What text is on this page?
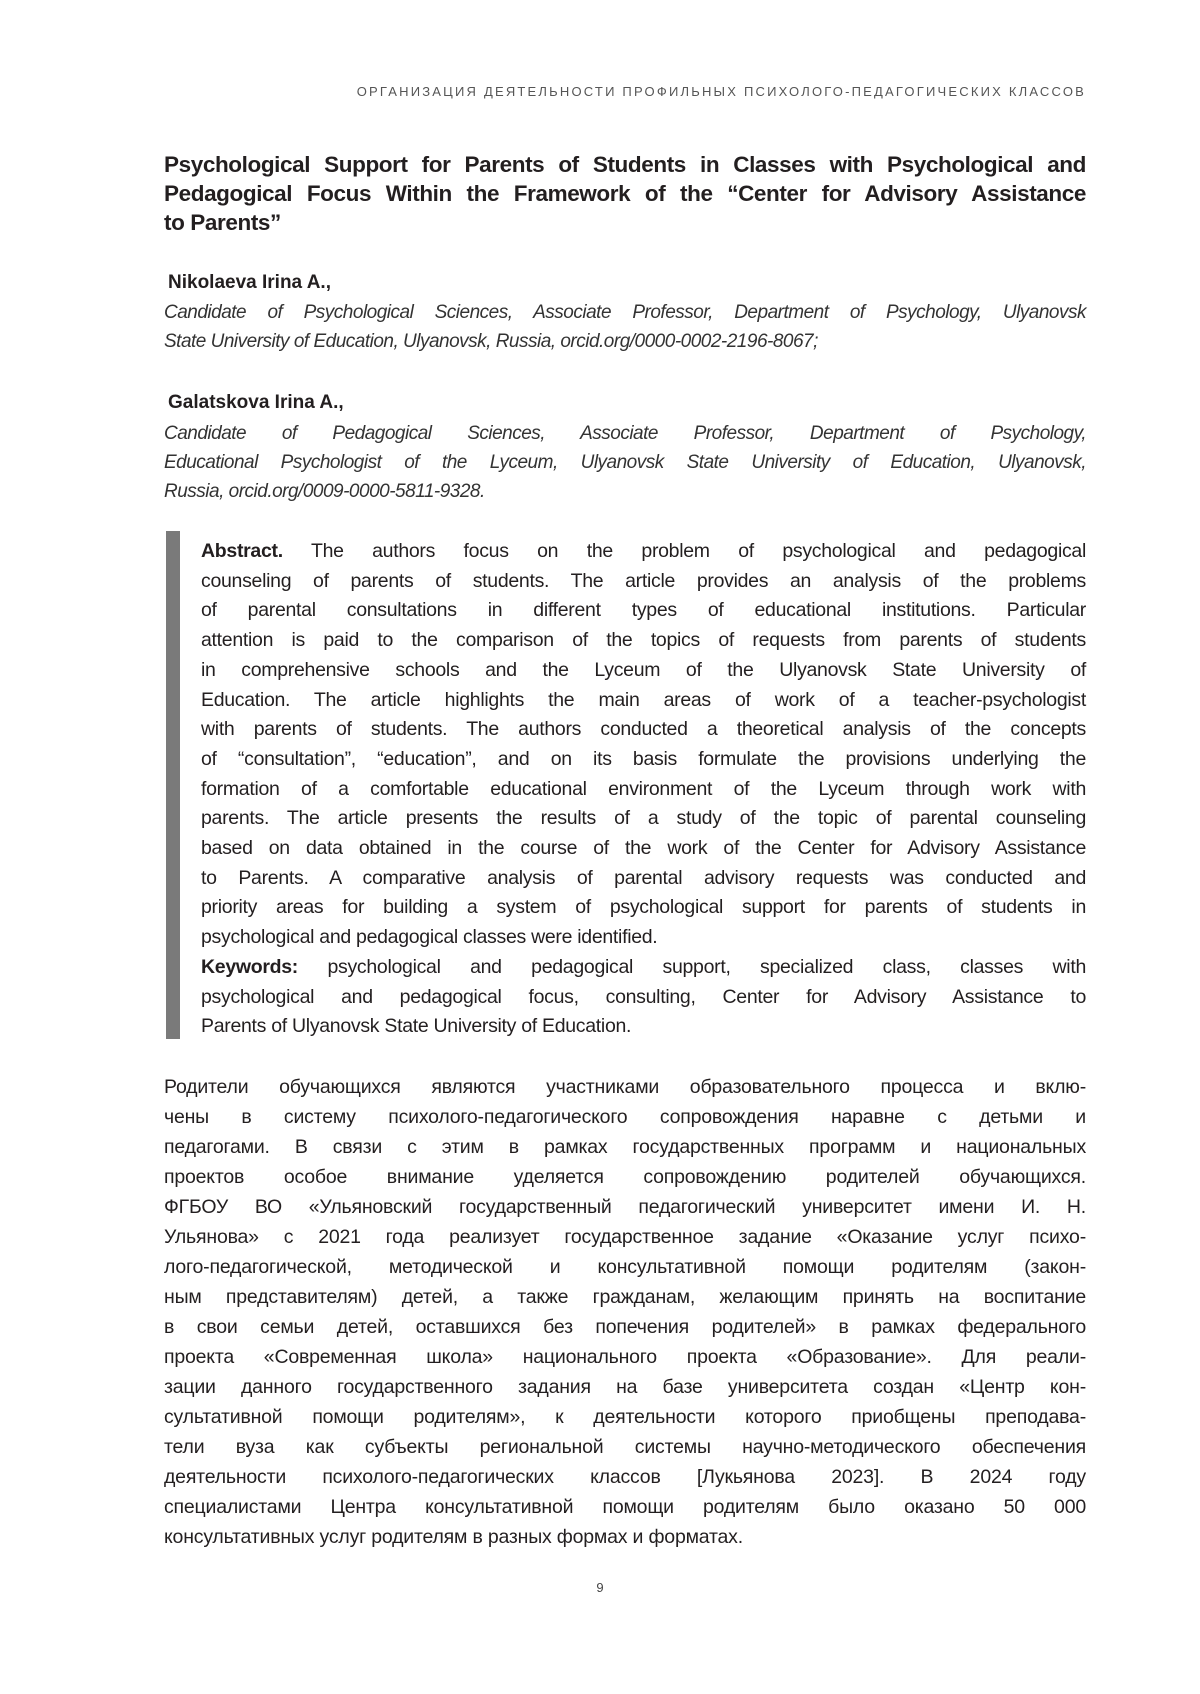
ОРГАНИЗАЦИЯ ДЕЯТЕЛЬНОСТИ ПРОФИЛЬНЫХ ПСИХОЛОГО-ПЕДАГОГИЧЕСКИХ КЛАССОВ
Psychological Support for Parents of Students in Classes with Psychological and
Pedagogical Focus Within the Framework of the “Center for Advisory Assistance
to Parents”
Nikolaeva Irina A.,
Candidate of Psychological Sciences, Associate Professor, Department of Psychology, Ulyanovsk
State University of Education, Ulyanovsk, Russia, orcid.org/0000-0002-2196-8067;
Galatskova Irina A.,
Candidate of Pedagogical Sciences, Associate Professor, Department of Psychology,
Educational Psychologist of the Lyceum, Ulyanovsk State University of Education, Ulyanovsk,
Russia, orcid.org/0009-0000-5811-9328.
Abstract. The authors focus on the problem of psychological and pedagogical
counseling of parents of students. The article provides an analysis of the problems
of parental consultations in different types of educational institutions. Particular
attention is paid to the comparison of the topics of requests from parents of students
in comprehensive schools and the Lyceum of the Ulyanovsk State University of
Education. The article highlights the main areas of work of a teacher-psychologist
with parents of students. The authors conducted a theoretical analysis of the concepts
of “consultation”, “education”, and on its basis formulate the provisions underlying the
formation of a comfortable educational environment of the Lyceum through work with
parents. The article presents the results of a study of the topic of parental counseling
based on data obtained in the course of the work of the Center for Advisory Assistance
to Parents. A comparative analysis of parental advisory requests was conducted and
priority areas for building a system of psychological support for parents of students in
psychological and pedagogical classes were identified.
Keywords: psychological and pedagogical support, specialized class, classes with
psychological and pedagogical focus, consulting, Center for Advisory Assistance to
Parents of Ulyanovsk State University of Education.
Родители обучающихся являются участниками образовательного процесса и вклю-
чены в систему психолого-педагогического сопровождения наравне с детьми и
педагогами. В связи с этим в рамках государственных программ и национальных
проектов особое внимание уделяется сопровождению родителей обучающихся.
ФГБОУ ВО «Ульяновский государственный педагогический университет имени И. Н.
Ульянова» с 2021 года реализует государственное задание «Оказание услуг психо-
лого-педагогической, методической и консультативной помощи родителям (закон-
ным представителям) детей, а также гражданам, желающим принять на воспитание
в свои семьи детей, оставшихся без попечения родителей» в рамках федерального
проекта «Современная школа» национального проекта «Образование». Для реали-
зации данного государственного задания на базе университета создан «Центр кон-
сультативной помощи родителям», к деятельности которого приобщены преподава-
тели вуза как субъекты региональной системы научно-методического обеспечения
деятельности психолого-педагогических классов [Лукьянова 2023]. В 2024 году
специалистами Центра консультативной помощи родителям было оказано 50 000
консультативных услуг родителям в разных формах и форматах.
9
